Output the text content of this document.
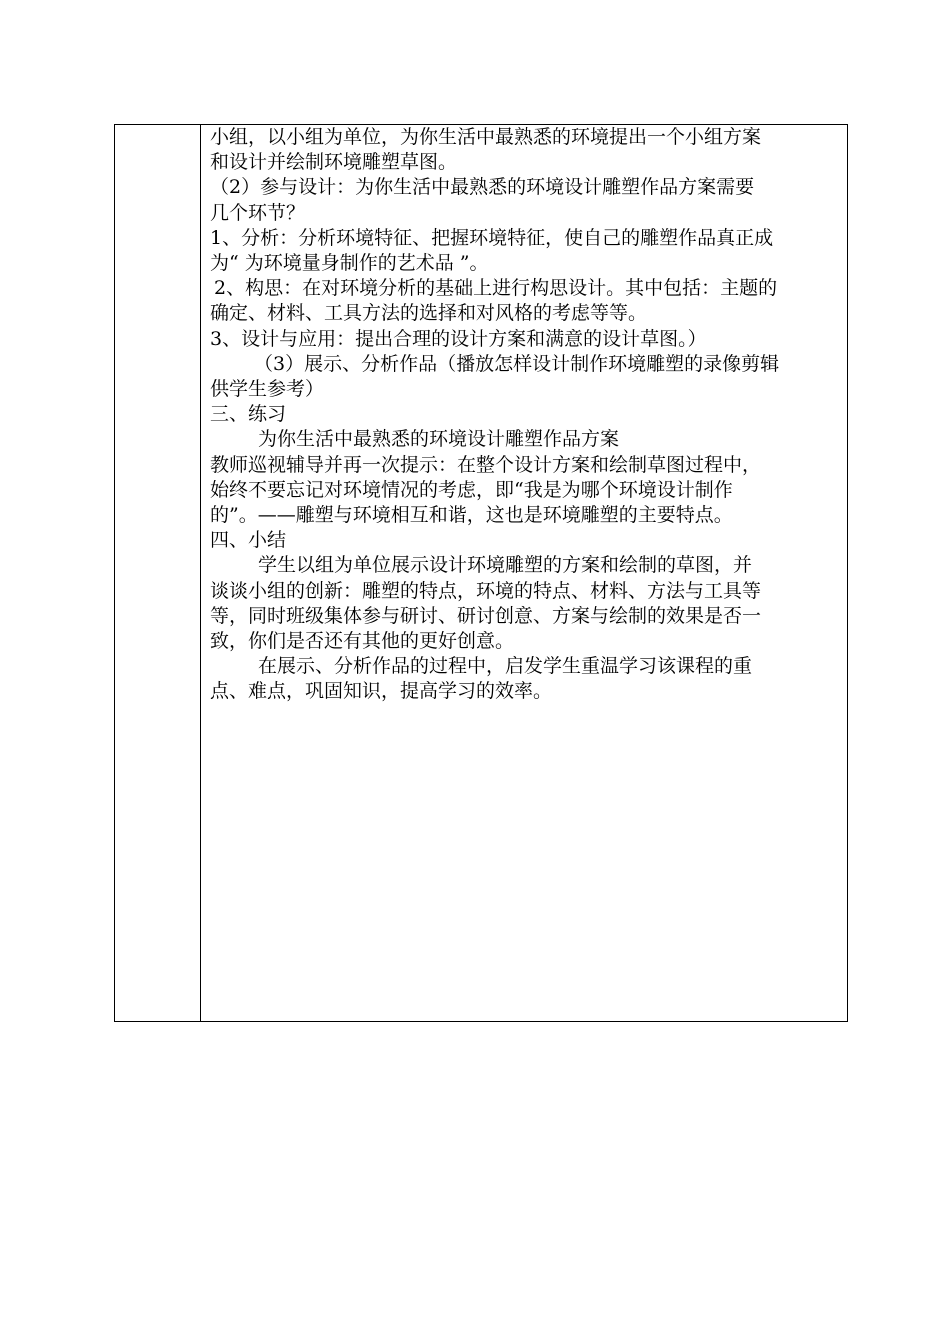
小组，以小组为单位，为你生活中最熟悉的环境提出一个小组方案

和设计并绘制环境雕塑草图。

（2）参与设计：为你生活中最熟悉的环境设计雕塑作品方案需要

几个环节？

1、分析：分析环境特征、把握环境特征，使自己的雕塑作品真正成

为“ 为环境量身制作的艺术品 ”。

2、构思：在对环境分析的基础上进行构思设计。其中包括：主题的

确定、材料、工具方法的选择和对风格的考虑等等。

3、设计与应用：提出合理的设计方案和满意的设计草图。）

（3）展示、分析作品（播放怎样设计制作环境雕塑的录像剪辑

供学生参考）

三、练习

为你生活中最熟悉的环境设计雕塑作品方案

教师巡视辅导并再一次提示：在整个设计方案和绘制草图过程中，

始终不要忘记对环境情况的考虑，即“我是为哪个环境设计制作

的”。——雕塑与环境相互和谐，这也是环境雕塑的主要特点。

四、小结

学生以组为单位展示设计环境雕塑的方案和绘制的草图，并

谈谈小组的创新：雕塑的特点，环境的特点、材料、方法与工具等

等，同时班级集体参与研讨、研讨创意、方案与绘制的效果是否一

致，你们是否还有其他的更好创意。

在展示、分析作品的过程中，启发学生重温学习该课程的重

点、难点，巩固知识，提高学习的效率。
